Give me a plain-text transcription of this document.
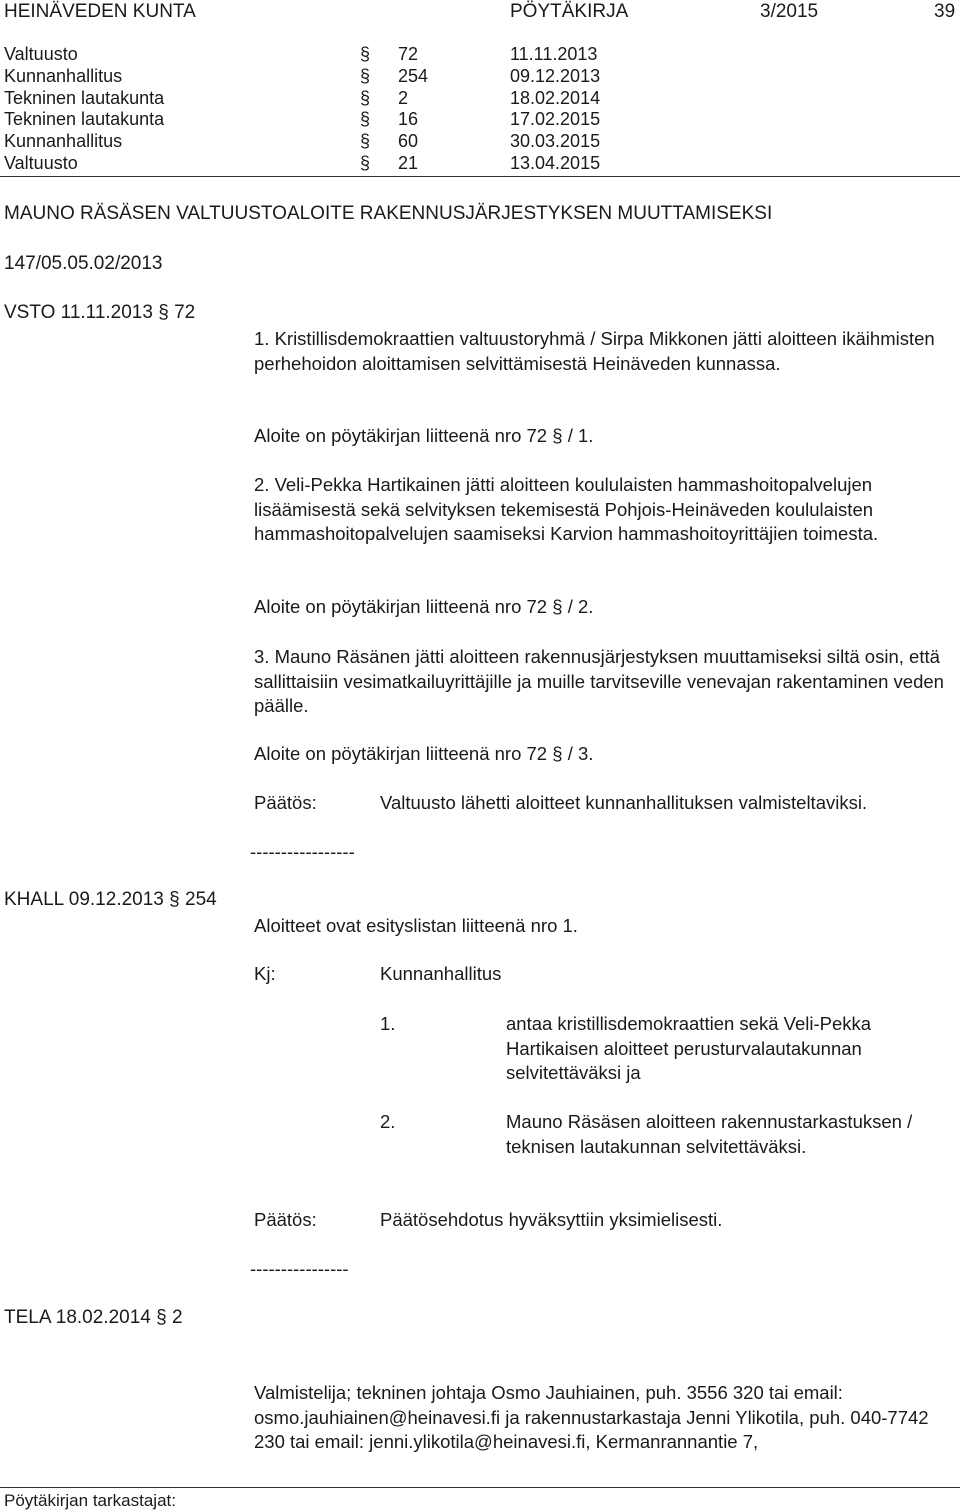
HEINÄVEDEN KUNTA	PÖYTÄKIRJA	3/2015	39
Valtuusto	§ 72	11.11.2013
Kunnanhallitus	§ 254	09.12.2013
Tekninen lautakunta	§ 2	18.02.2014
Tekninen lautakunta	§ 16	17.02.2015
Kunnanhallitus	§ 60	30.03.2015
Valtuusto	§ 21	13.04.2015
MAUNO RÄSÄSEN VALTUUSTOALOITE RAKENNUSJÄRJESTYKSEN MUUTTAMISEKSI
147/05.05.02/2013
VSTO 11.11.2013 § 72
1. Kristillisdemokraattien valtuustoryhmä / Sirpa Mikkonen jätti aloitteen ikäihmisten perhehoidon aloittamisen selvittämisestä Heinäveden kunnassa.
Aloite on pöytäkirjan liitteenä nro 72 § / 1.
2. Veli-Pekka Hartikainen jätti aloitteen koululaisten hammashoitopalvelujen lisäämisestä sekä selvityksen tekemisestä Pohjois-Heinäveden koululaisten hammashoitopalvelujen saamiseksi Karvion hammashoitoyrittäjien toimesta.
Aloite on pöytäkirjan liitteenä nro 72 § / 2.
3. Mauno Räsänen jätti aloitteen rakennusjärjestyksen muuttamiseksi siltä osin, että sallittaisiin vesimatkailuyrittäjille ja muille tarvitseville venevajan rakentaminen veden päälle.
Aloite on pöytäkirjan liitteenä nro 72 § / 3.
Päätös:	Valtuusto lähetti aloitteet kunnanhallituksen valmisteltaviksi.
-----------------
KHALL 09.12.2013 § 254
Aloitteet ovat esityslistan liitteenä nro 1.
Kj:	Kunnanhallitus
1.	antaa kristillisdemokraattien sekä Veli-Pekka Hartikaisen aloitteet perusturvalautakunnan selvitettäväksi ja
2.	Mauno Räsäsen aloitteen rakennustarkastuksen / teknisen lautakunnan selvitettäväksi.
Päätös:	Päätösehdotus hyväksyttiin yksimielisesti.
----------------
TELA 18.02.2014 § 2
Valmistelija; tekninen johtaja Osmo Jauhiainen, puh. 3556 320 tai email: osmo.jauhiainen@heinavesi.fi ja rakennustarkastaja Jenni Ylikotila, puh. 040-7742 230 tai email: jenni.ylikotila@heinavesi.fi, Kermanrannantie 7,
Pöytäkirjan tarkastajat:
